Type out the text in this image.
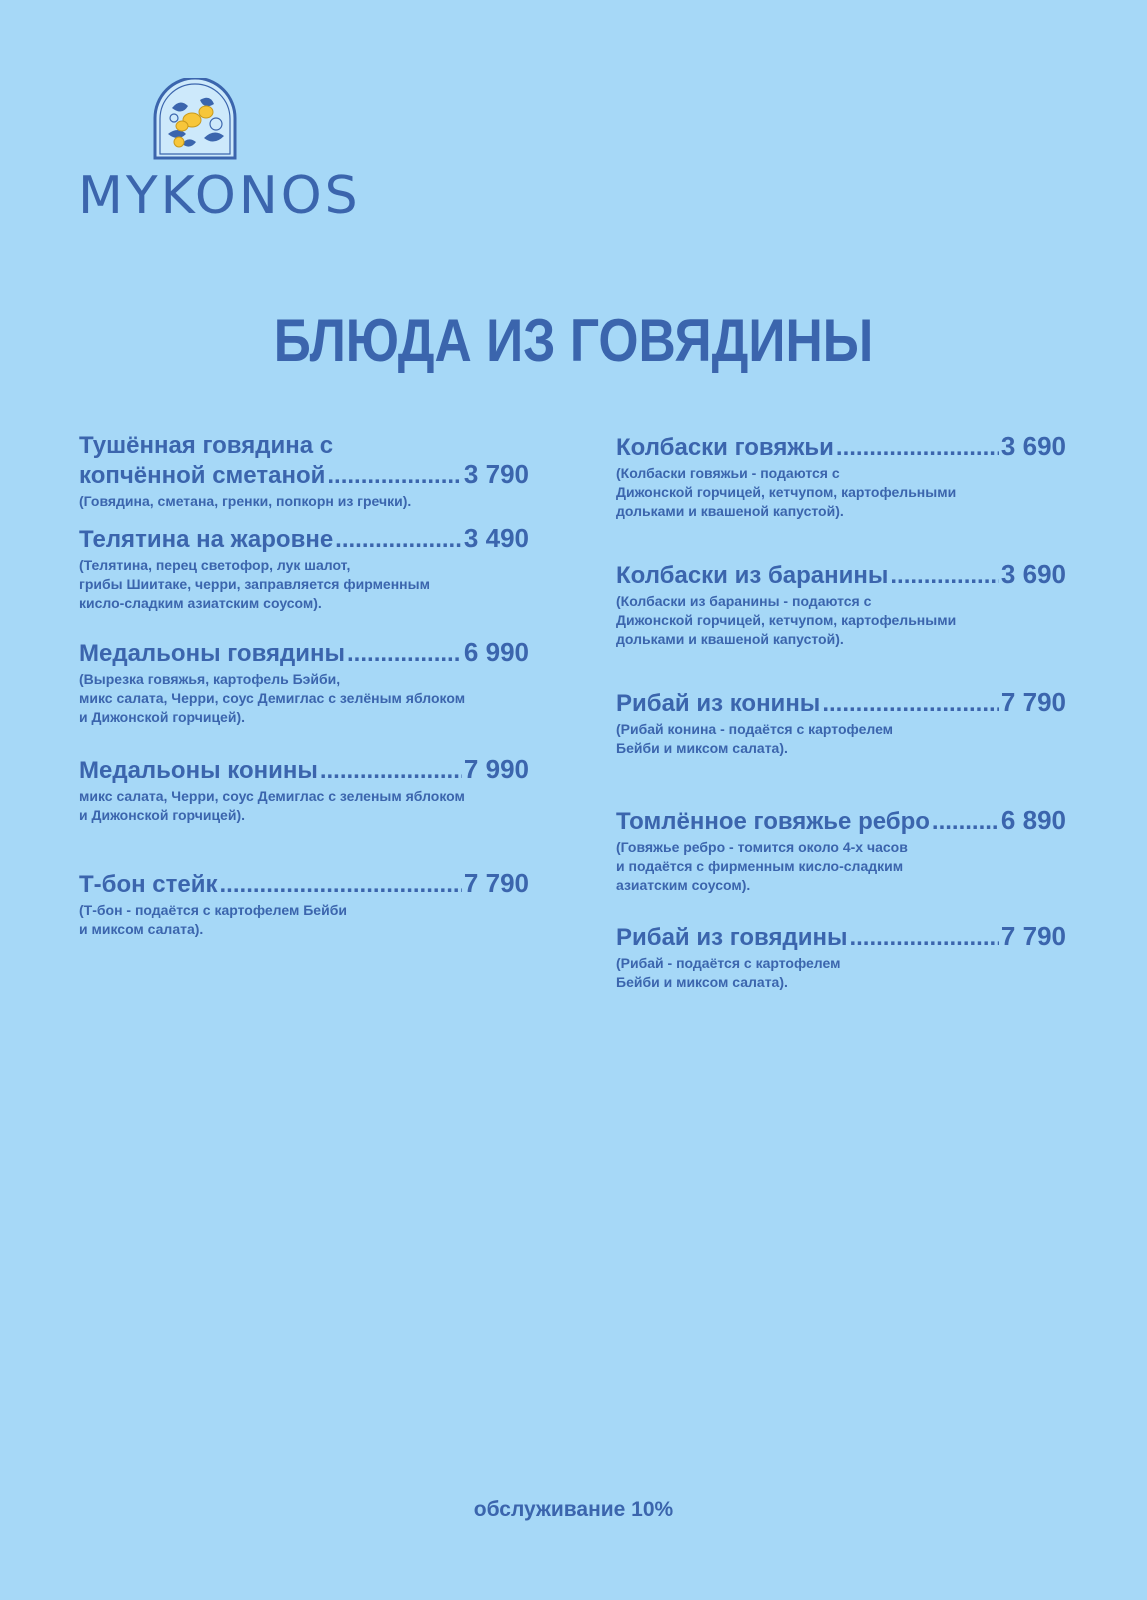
MYKONOS
БЛЮДА ИЗ ГОВЯДИНЫ
Тушённая говядина с
копчённой сметаной .....	3 790
(Говядина, сметана, гренки, попкорн из гречки).
Телятина на жаровне .....	3 490
(Телятина, перец светофор, лук шалот,
грибы Шиитаке, черри, заправляется фирменным
кисло-сладким азиатским соусом).
Медальоны говядины .....	6 990
(Вырезка говяжья, картофель Бэйби,
микс салата, Черри, соус Демиглас с зелёным яблоком
и Дижонской горчицей).
Медальоны конины .....	7 990
микс салата, Черри, соус Демиглас с зеленым яблоком
и Дижонской горчицей).
Т-бон стейк .....	7 790
(Т-бон - подаётся с картофелем Бейби
и миксом салата).
Колбаски говяжьи .....	3 690
(Колбаски говяжьи - подаются с
Дижонской горчицей, кетчупом, картофельными
дольками и квашеной капустой).
Колбаски из баранины .....	3 690
(Колбаски из баранины - подаются с
Дижонской горчицей, кетчупом, картофельными
дольками и квашеной капустой).
Рибай из конины .....	7 790
(Рибай конина - подаётся с картофелем
Бейби и миксом салата).
Томлённое говяжье ребро .....	6 890
(Говяжье ребро - томится около 4-х часов
и подаётся с фирменным кисло-сладким
азиатским соусом).
Рибай из говядины .....	7 790
(Рибай - подаётся с картофелем
Бейби и миксом салата).
обслуживание 10%
